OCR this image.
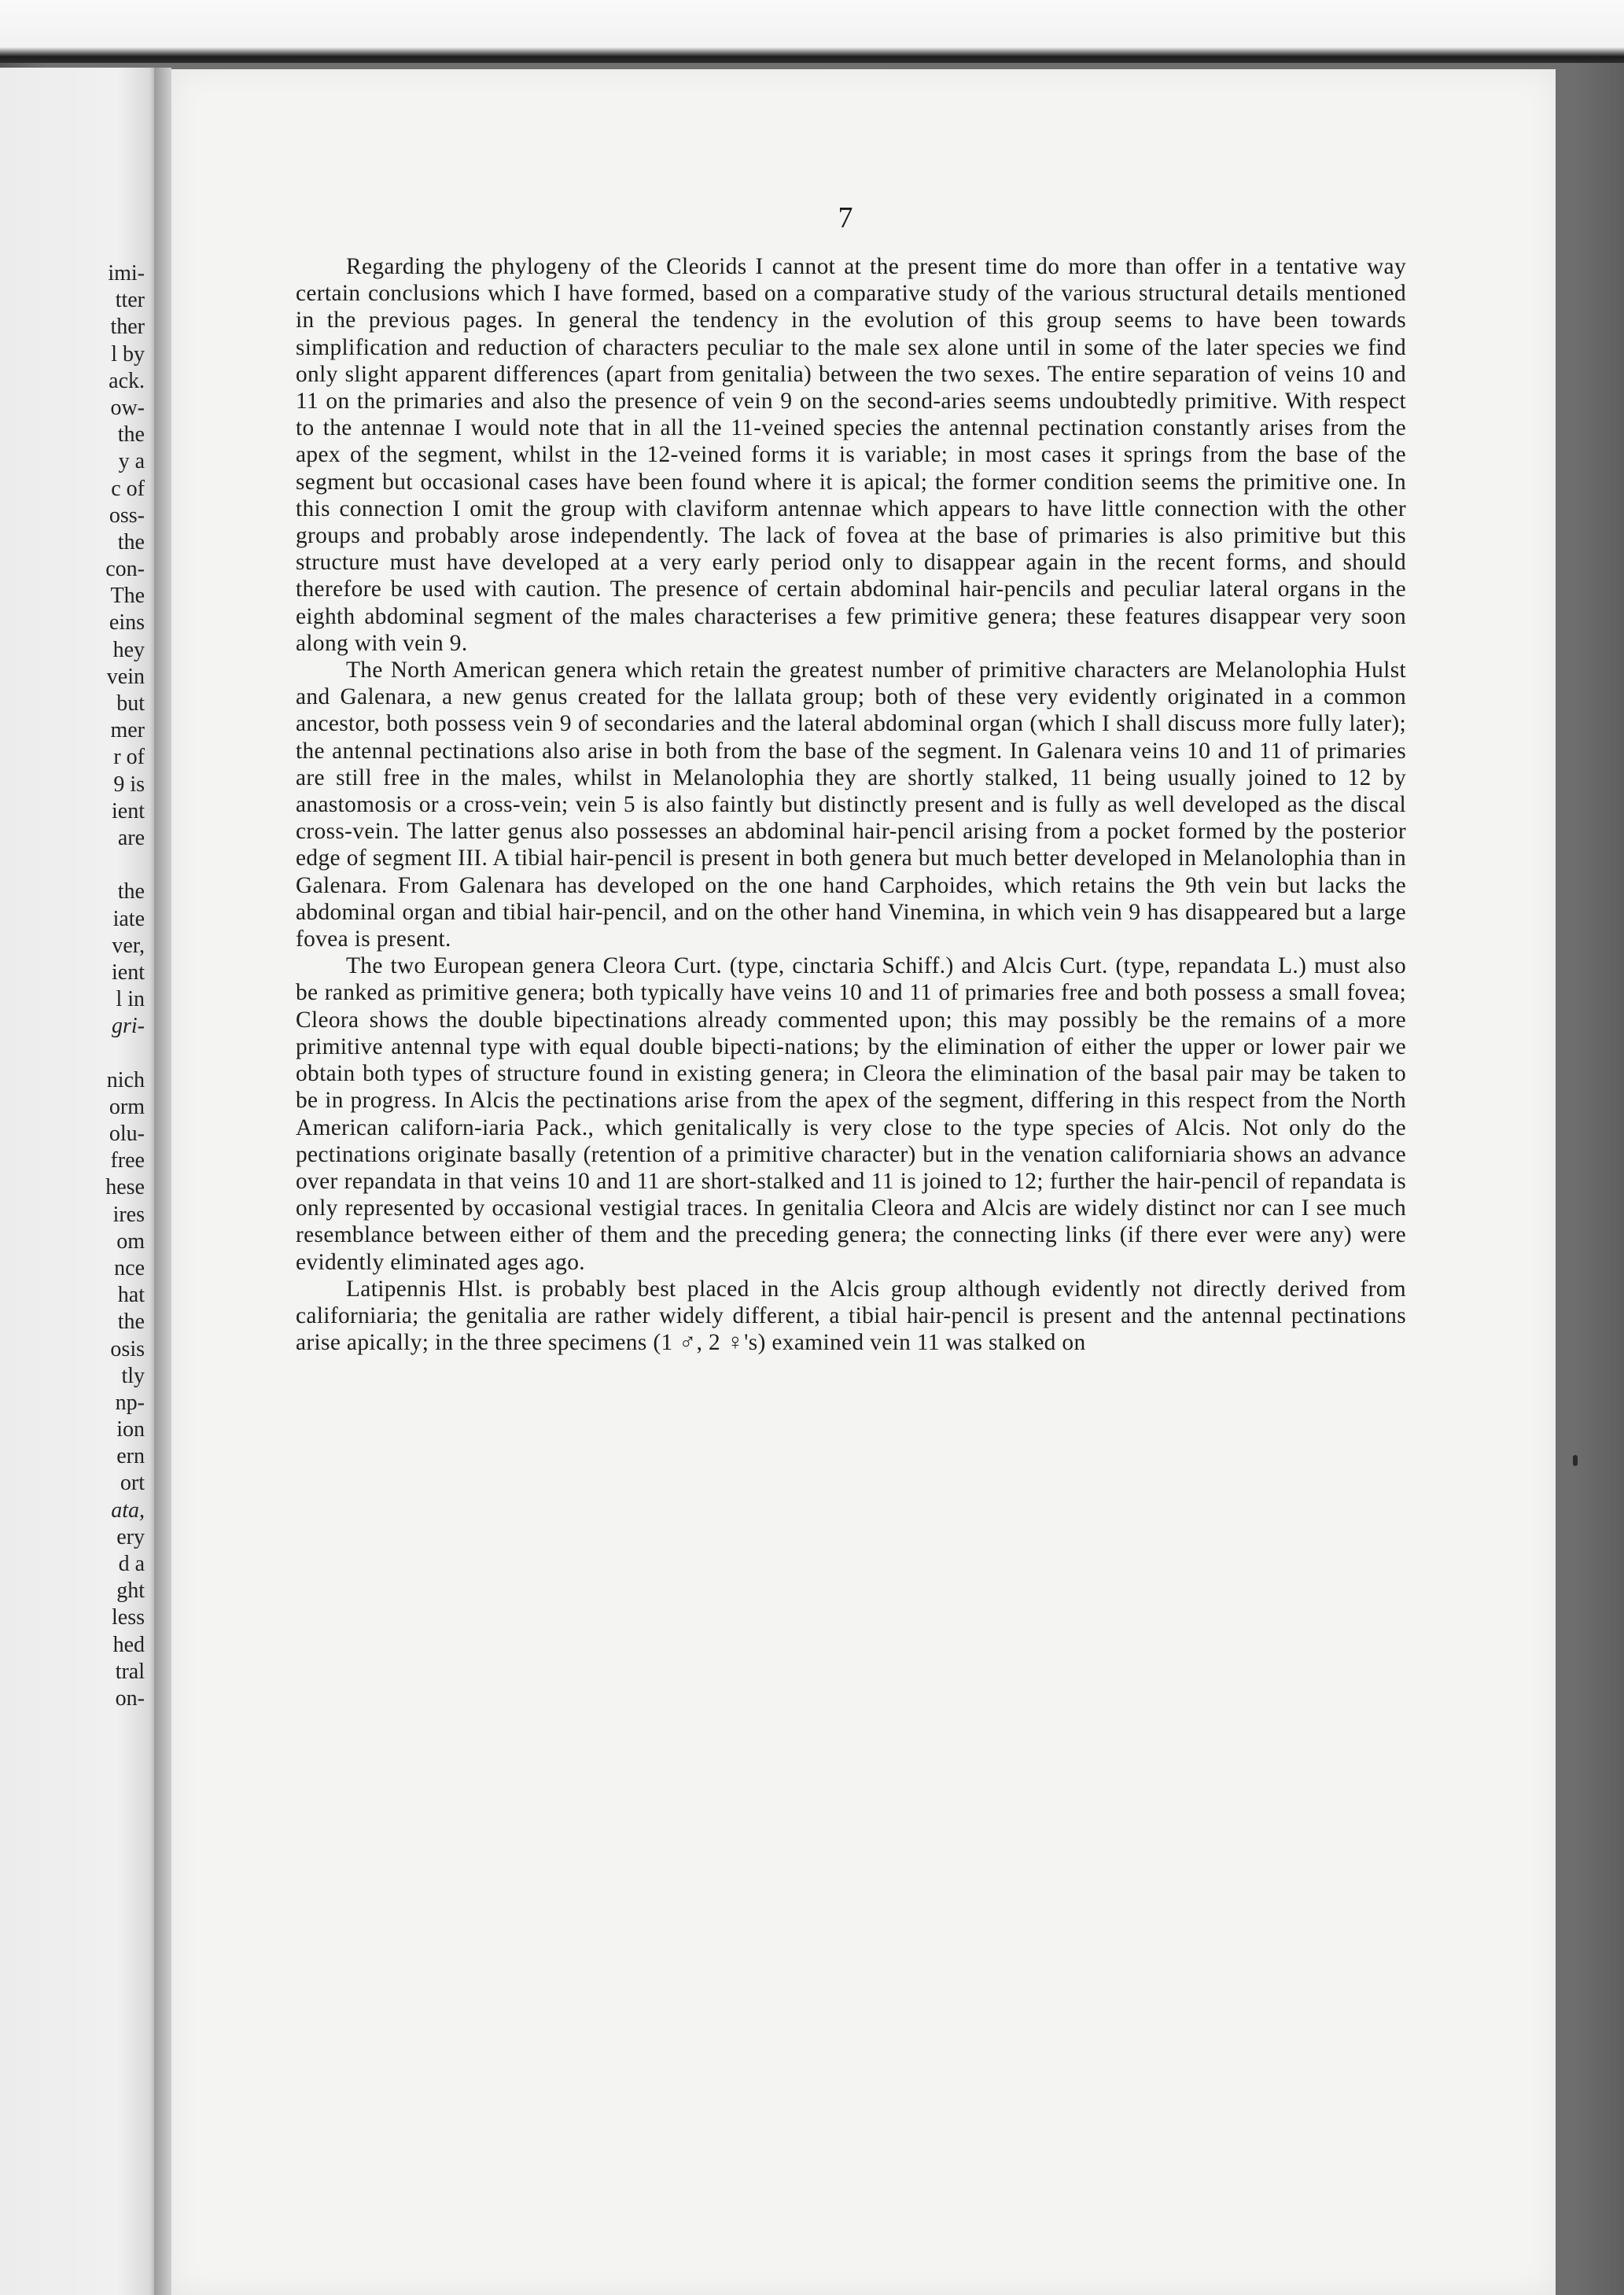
imi-
tter
ther
l by
ack.
ow-
the
y a
c of
oss-
the
con-
The
eins
hey
vein
but
mer
r of
9 is
ient
are

the
iate
ver,
ient
l in
gri-

nich
orm
olu-
free
hese
ires
om
nce
hat
the
osis
tly
np-
ion
ern
ort
ata,
ery
d a
ght
less
hed
tral
on-
7

Regarding the phylogeny of the Cleorids I cannot at the present time do more than offer in a tentative way certain conclusions which I have formed, based on a comparative study of the various structural details mentioned in the previous pages. In general the tendency in the evolution of this group seems to have been towards simplification and reduction of characters peculiar to the male sex alone until in some of the later species we find only slight apparent differences (apart from genitalia) between the two sexes. The entire separation of veins 10 and 11 on the primaries and also the presence of vein 9 on the second-aries seems undoubtedly primitive. With respect to the antennae I would note that in all the 11-veined species the antennal pectination constantly arises from the apex of the segment, whilst in the 12-veined forms it is variable; in most cases it springs from the base of the segment but occasional cases have been found where it is apical; the former condition seems the primitive one. In this connection I omit the group with claviform antennae which appears to have little connection with the other groups and probably arose independently. The lack of fovea at the base of primaries is also primitive but this structure must have developed at a very early period only to disappear again in the recent forms, and should therefore be used with caution. The presence of certain abdominal hair-pencils and peculiar lateral organs in the eighth abdominal segment of the males characterises a few primitive genera; these features disappear very soon along with vein 9.

The North American genera which retain the greatest number of primitive characters are Melanolophia Hulst and Galenara, a new genus created for the lallata group; both of these very evidently originated in a common ancestor, both possess vein 9 of secondaries and the lateral abdominal organ (which I shall discuss more fully later); the antennal pectinations also arise in both from the base of the segment. In Galenara veins 10 and 11 of primaries are still free in the males, whilst in Melanolophia they are shortly stalked, 11 being usually joined to 12 by anastomosis or a cross-vein; vein 5 is also faintly but distinctly present and is fully as well developed as the discal cross-vein. The latter genus also possesses an abdominal hair-pencil arising from a pocket formed by the posterior edge of segment III. A tibial hair-pencil is present in both genera but much better developed in Melanolophia than in Galenara. From Galenara has developed on the one hand Carphoides, which retains the 9th vein but lacks the abdominal organ and tibial hair-pencil, and on the other hand Vinemina, in which vein 9 has disappeared but a large fovea is present.

The two European genera Cleora Curt. (type, cinctaria Schiff.) and Alcis Curt. (type, repandata L.) must also be ranked as primitive genera; both typically have veins 10 and 11 of primaries free and both possess a small fovea; Cleora shows the double bipectinations already commented upon; this may possibly be the remains of a more primitive antennal type with equal double bipecti-nations; by the elimination of either the upper or lower pair we obtain both types of structure found in existing genera; in Cleora the elimination of the basal pair may be taken to be in progress. In Alcis the pectinations arise from the apex of the segment, differing in this respect from the North American californ-iaria Pack., which genitalically is very close to the type species of Alcis. Not only do the pectinations originate basally (retention of a primitive character) but in the venation californiaria shows an advance over repandata in that veins 10 and 11 are short-stalked and 11 is joined to 12; further the hair-pencil of repandata is only represented by occasional vestigial traces. In genitalia Cleora and Alcis are widely distinct nor can I see much resemblance between either of them and the preceding genera; the connecting links (if there ever were any) were evidently eliminated ages ago.

Latipennis Hlst. is probably best placed in the Alcis group although evidently not directly derived from californiaria; the genitalia are rather widely different, a tibial hair-pencil is present and the antennal pectinations arise apically; in the three specimens (1 ♂, 2 ♀'s) examined vein 11 was stalked on
